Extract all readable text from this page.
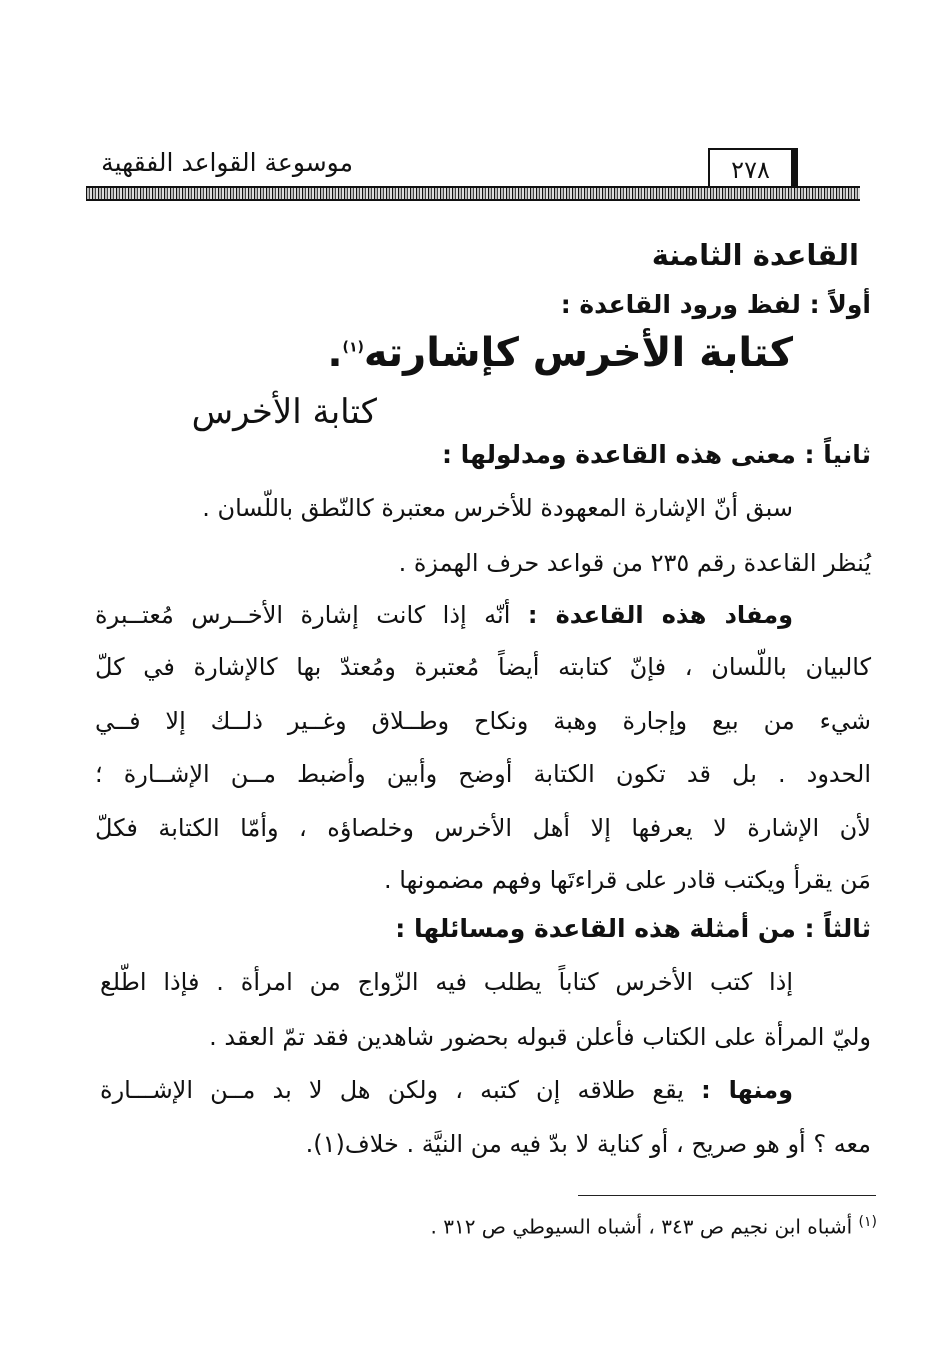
موسوعة القواعد الفقهية	٢٧٨
القاعدة الثامنة
أولاً : لفظ ورود القاعدة :
كتابة الأخرس كإشارته$^{(١)}$.
كتابة الأخرس
ثانياً : معنى هذه القاعدة ومدلولها :
سبق أنّ الإشارة المعهودة للأخرس معتبرة كالنّطق باللّسان .
يُنظر القاعدة رقم ٢٣٥ من قواعد حرف الهمزة .
ومفاد هذه القاعدة : أنّه إذا كانت إشارة الأخــرس مُعتــبرة
كالبيان باللّسان ، فإنّ كتابته أيضاً مُعتبرة ومُعتدّ بها كالإشارة في كلّ
شيء من بيع وإجارة وهبة ونكاح وطــلاق وغــير ذلــك إلا فــي
الحدود . بل قد تكون الكتابة أوضح وأبين وأضبط مــن الإشــارة ؛
لأن الإشارة لا يعرفها إلا أهل الأخرس وخلصاؤه ، وأمّا الكتابة فكلّ
مَن يقرأ ويكتب قادر على قراءتَها وفهم مضمونها .
ثالثاً : من أمثلة هذه القاعدة ومسائلها :
إذا كتب الأخرس كتاباً يطلب فيه الزّواج من امرأة . فإذا اطّلع
وليّ المرأة على الكتاب فأعلن قبوله بحضور شاهدين فقد تمّ العقد .
ومنها : يقع طلاقه إن كتبه ، ولكن هل لا بد مــن الإشـــارة
معه ؟ أو هو صريح ، أو كناية لا بدّ فيه من النيَّة . خلاف(١).
$^{(١)}$ أشباه ابن نجيم ص ٣٤٣ ، أشباه السيوطي ص ٣١٢ .
